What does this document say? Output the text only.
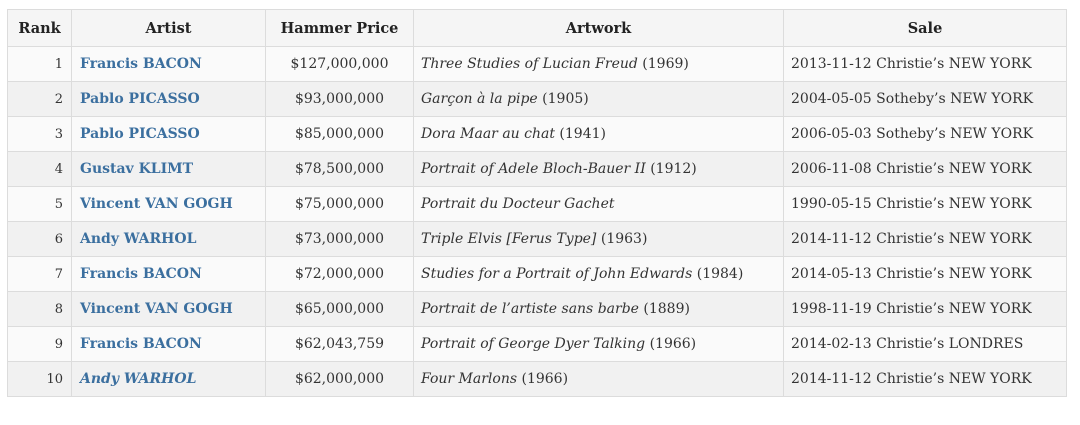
Rank	Artist	Hammer Price	Artwork	Sale
1	Francis BACON	$127,000,000	Three Studies of Lucian Freud (1969)	2013-11-12 Christie’s NEW YORK
2	Pablo PICASSO	$93,000,000	Garçon à la pipe (1905)	2004-05-05 Sotheby’s NEW YORK
3	Pablo PICASSO	$85,000,000	Dora Maar au chat (1941)	2006-05-03 Sotheby’s NEW YORK
4	Gustav KLIMT	$78,500,000	Portrait of Adele Bloch-Bauer II (1912)	2006-11-08 Christie’s NEW YORK
5	Vincent VAN GOGH	$75,000,000	Portrait du Docteur Gachet	1990-05-15 Christie’s NEW YORK
6	Andy WARHOL	$73,000,000	Triple Elvis [Ferus Type] (1963)	2014-11-12 Christie’s NEW YORK
7	Francis BACON	$72,000,000	Studies for a Portrait of John Edwards (1984)	2014-05-13 Christie’s NEW YORK
8	Vincent VAN GOGH	$65,000,000	Portrait de l’artiste sans barbe (1889)	1998-11-19 Christie’s NEW YORK
9	Francis BACON	$62,043,759	Portrait of George Dyer Talking (1966)	2014-02-13 Christie’s LONDRES
10	Andy WARHOL	$62,000,000	Four Marlons (1966)	2014-11-12 Christie’s NEW YORK
